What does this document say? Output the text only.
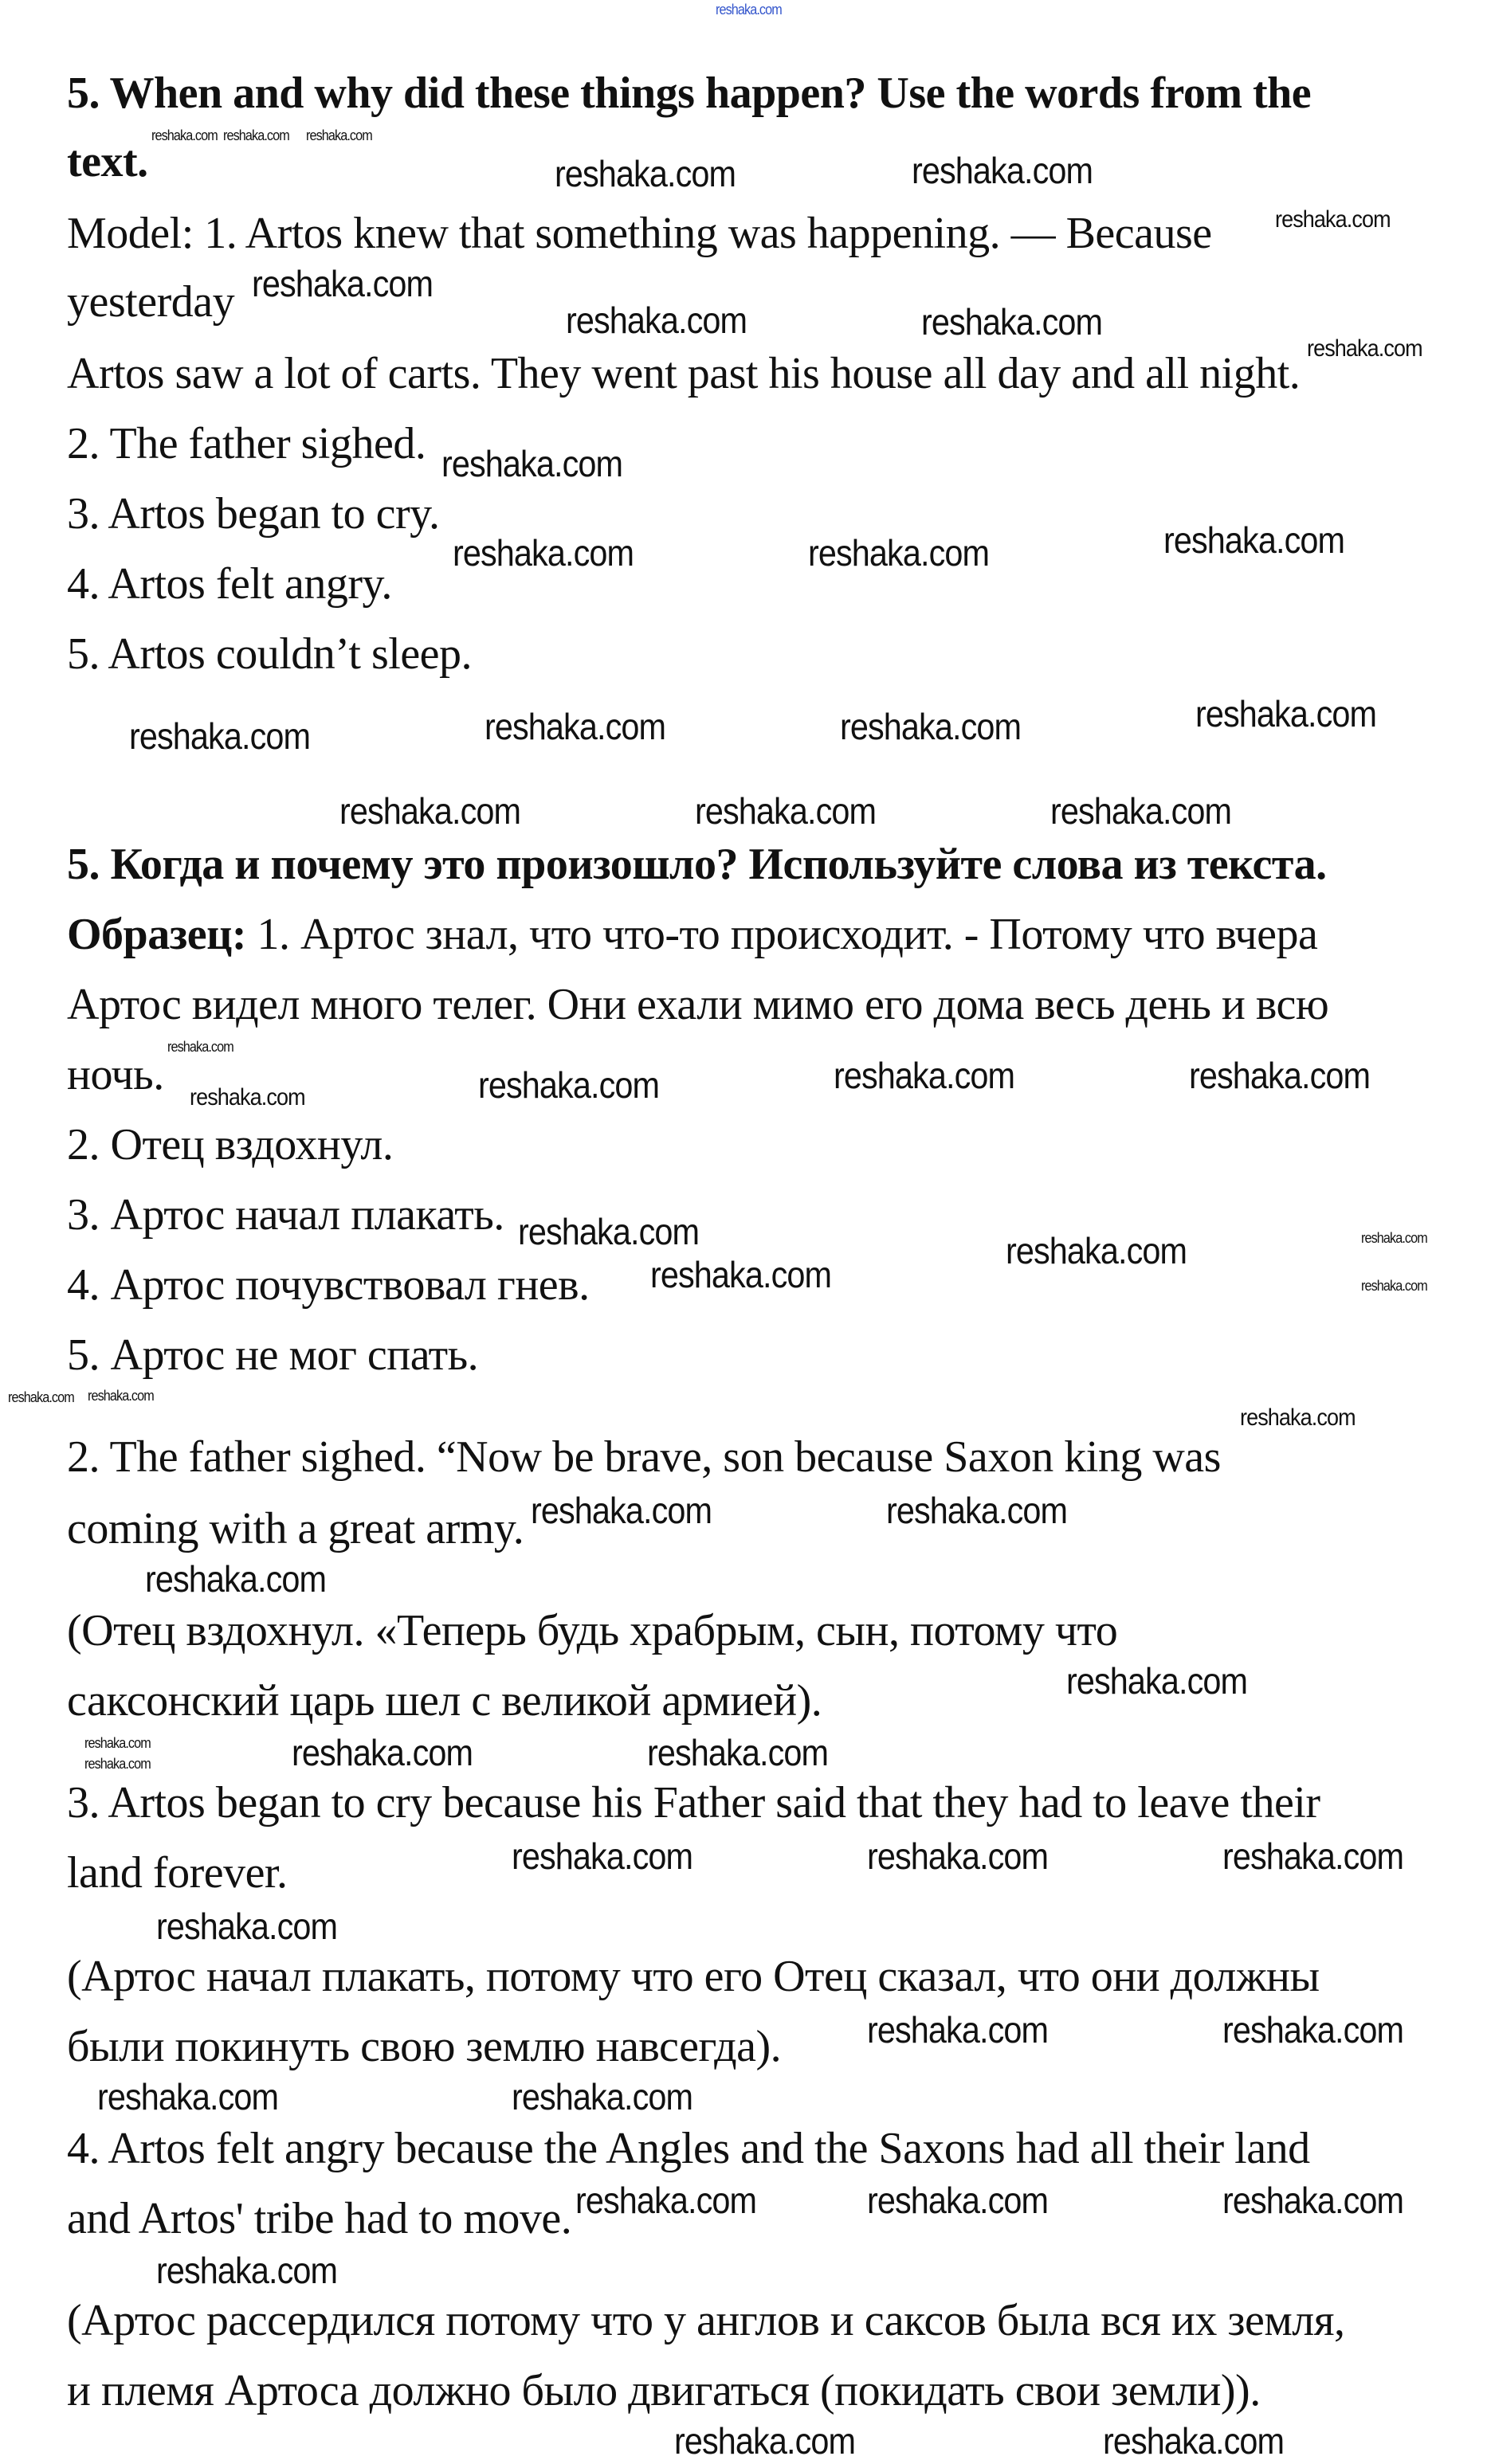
5. When and why did these things happen? Use the words from the
text.
Model: 1. Artos knew that something was happening. — Because
yesterday
Artos saw a lot of carts. They went past his house all day and all night.
2. The father sighed.
3. Artos began to cry.
4. Artos felt angry.
5. Artos couldn’t sleep.
5. Когда и почему это произошло? Используйте слова из текста.
Образец: 1. Артос знал, что что-то происходит. - Потому что вчера
Артос видел много телег. Они ехали мимо его дома весь день и всю
ночь.
2. Отец вздохнул.
3. Артос начал плакать.
4. Артос почувствовал гнев.
5. Артос не мог спать.
2. The father sighed. “Now be brave, son because Saxon king was
coming with a great army.
(Отец вздохнул. «Теперь будь храбрым, сын, потому что
саксонский царь шел с великой армией).
3. Artos began to cry because his Father said that they had to leave their
land forever.
(Артос начал плакать, потому что его Отец сказал, что они должны
были покинуть свою землю навсегда).
4. Artos felt angry because the Angles and the Saxons had all their land
and Artos' tribe had to move.
(Артос рассердился потому что у англов и саксов была вся их земля,
и племя Артоса должно было двигаться (покидать свои земли)).
reshaka.com
reshaka.com reshaka.com reshaka.com
reshaka.com	reshaka.com
reshaka.com
reshaka.com
reshaka.com	reshaka.com
reshaka.com
reshaka.com
reshaka.com	reshaka.com	reshaka.com
reshaka.com	reshaka.com	reshaka.com	reshaka.com
reshaka.com	reshaka.com	reshaka.com
reshaka.com
reshaka.com	reshaka.com	reshaka.com	reshaka.com
reshaka.com
reshaka.com
reshaka.com
reshaka.com
reshaka.com
reshaka.com
reshaka.com
reshaka.com
reshaka.com
reshaka.com	reshaka.com
reshaka.com	reshaka.com	reshaka.com
reshaka.com
reshaka.com
reshaka.com	reshaka.com	reshaka.com
reshaka.com
reshaka.com
reshaka.com	reshaka.com
reshaka.com
reshaka.com	reshaka.com	reshaka.com
reshaka.com
reshaka.com	reshaka.com
